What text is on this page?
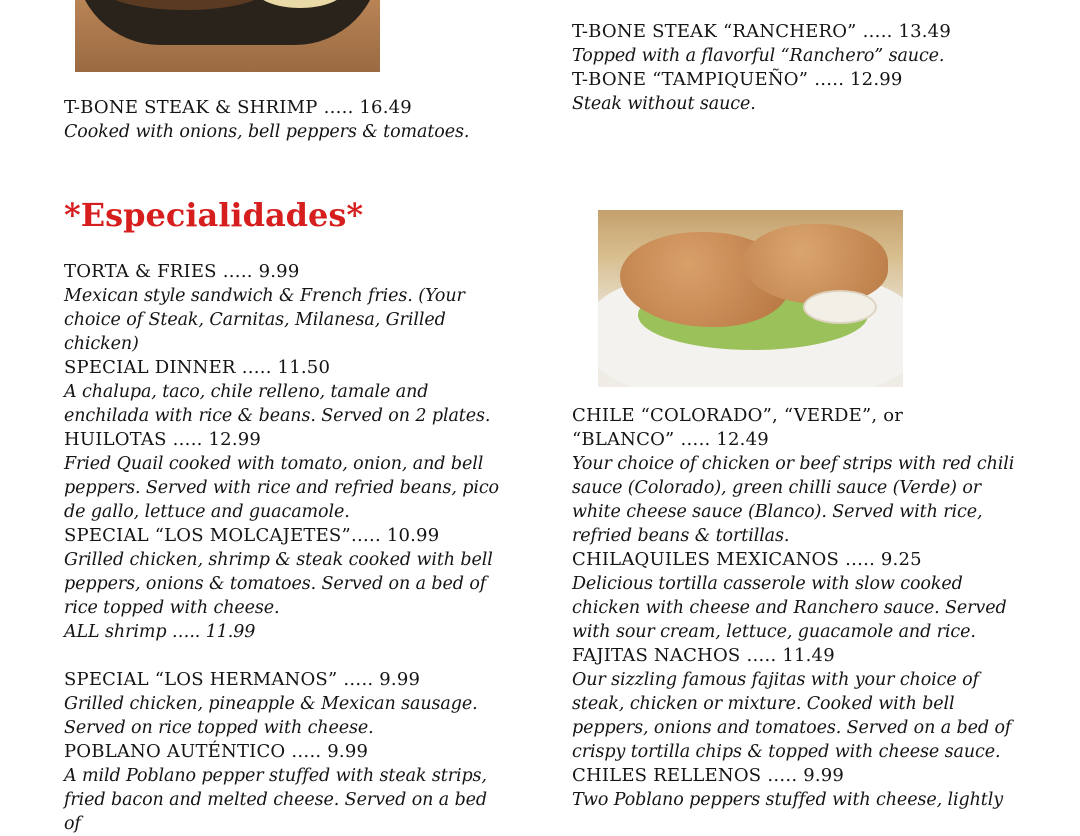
T-BONE STEAK & SHRIMP ….. 16.49
Cooked with onions, bell peppers & tomatoes.
T-BONE STEAK “RANCHERO” ….. 13.49
Topped with a flavorful “Ranchero” sauce.
T-BONE “TAMPIQUEÑO” ….. 12.99
Steak without sauce.
*Especialidades*
TORTA & FRIES ….. 9.99
Mexican style sandwich & French fries. (Your choice of Steak, Carnitas, Milanesa, Grilled chicken)
SPECIAL DINNER ….. 11.50
A chalupa, taco, chile relleno, tamale and enchilada with rice & beans. Served on 2 plates.
HUILOTAS ….. 12.99
Fried Quail cooked with tomato, onion, and bell peppers. Served with rice and refried beans, pico de gallo, lettuce and guacamole.
SPECIAL “LOS MOLCAJETES”….. 10.99
Grilled chicken, shrimp & steak cooked with bell peppers, onions & tomatoes. Served on a bed of rice topped with cheese.
ALL shrimp ….. 11.99
SPECIAL “LOS HERMANOS” ….. 9.99
Grilled chicken, pineapple & Mexican sausage. Served on rice topped with cheese.
POBLANO AUTÉNTICO ….. 9.99
A mild Poblano pepper stuffed with steak strips, fried bacon and melted cheese. Served on a bed of
CHILE “COLORADO”, “VERDE”, or “BLANCO” ….. 12.49
Your choice of chicken or beef strips with red chili sauce (Colorado), green chilli sauce (Verde) or white cheese sauce (Blanco). Served with rice, refried beans & tortillas.
CHILAQUILES MEXICANOS ….. 9.25
Delicious tortilla casserole with slow cooked chicken with cheese and Ranchero sauce. Served with sour cream, lettuce, guacamole and rice.
FAJITAS NACHOS ….. 11.49
Our sizzling famous fajitas with your choice of steak, chicken or mixture. Cooked with bell peppers, onions and tomatoes. Served on a bed of crispy tortilla chips & topped with cheese sauce.
CHILES RELLENOS ….. 9.99
Two Poblano peppers stuffed with cheese, lightly
